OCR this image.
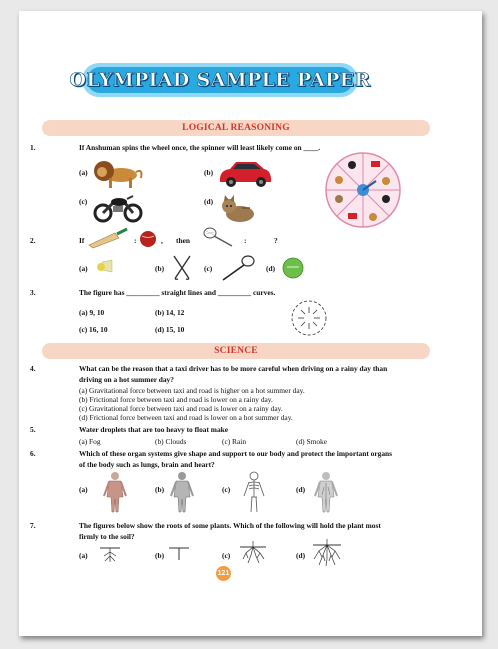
OLYMPIAD SAMPLE PAPER
LOGICAL REASONING
1.	If Anshuman spins the wheel once, the spinner will least likely come on ____.
(a)	(b)
(c)	(d)
2.	If	:	, then	:	?
(a)	(b)	(c)	(d)
3.	The figure has _________ straight lines and _________ curves.
(a) 9, 10	(b) 14, 12
(c) 16, 10	(d) 15, 10
SCIENCE
4.	What can be the reason that a taxi driver has to be more careful when driving on a rainy day than
driving on a hot summer day?
(a) Gravitational force between taxi and road is higher on a hot summer day.
(b) Frictional force between taxi and road is lower on a rainy day.
(c) Gravitational force between taxi and road is lower on a rainy day.
(d) Frictional force between taxi and road is lower on a hot summer day.
5.	Water droplets that are too heavy to float make
(a) Fog	(b) Clouds	(c) Rain	(d) Smoke
6.	Which of these organ systems give shape and support to our body and protect the important organs
of the body such as lungs, brain and heart?
(a)	(b)	(c)	(d)
7.	The figures below show the roots of some plants. Which of the following will hold the plant most
firmly to the soil?
(a)	(b)	(c)	(d)
121
